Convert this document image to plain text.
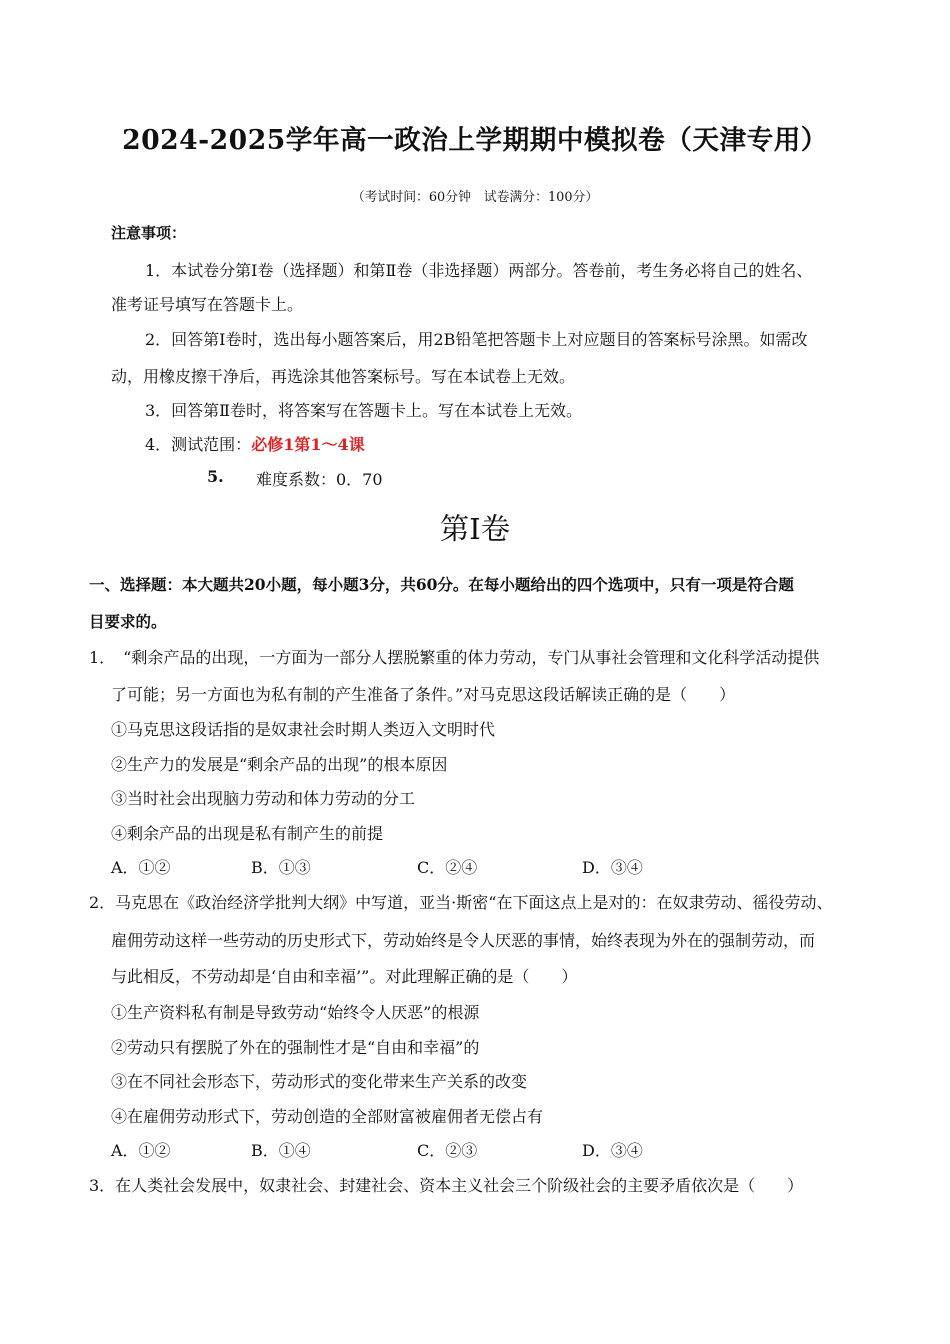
2024-2025学年高一政治上学期期中模拟卷（天津专用）
（考试时间：60分钟　试卷满分：100分）
注意事项：
1．本试卷分第Ⅰ卷（选择题）和第Ⅱ卷（非选择题）两部分。答卷前，考生务必将自己的姓名、
准考证号填写在答题卡上。
2．回答第Ⅰ卷时，选出每小题答案后，用2B铅笔把答题卡上对应题目的答案标号涂黑。如需改
动，用橡皮擦干净后，再选涂其他答案标号。写在本试卷上无效。
3．回答第Ⅱ卷时，将答案写在答题卡上。写在本试卷上无效。
4．测试范围：必修1第1～4课
5. 难度系数：0．70
第Ⅰ卷
一、选择题：本大题共20小题，每小题3分，共60分。在每小题给出的四个选项中，只有一项是符合题
目要求的。
1．　“剩余产品的出现，一方面为一部分人摆脱繁重的体力劳动，专门从事社会管理和文化科学活动提供
了可能；另一方面也为私有制的产生准备了条件。”对马克思这段话解读正确的是（　　）
①马克思这段话指的是奴隶社会时期人类迈入文明时代
②生产力的发展是“剩余产品的出现”的根本原因
③当时社会出现脑力劳动和体力劳动的分工
④剩余产品的出现是私有制产生的前提
A．①②	B．①③	C．②④	D．③④
2．马克思在《政治经济学批判大纲》中写道，亚当·斯密“在下面这点上是对的：在奴隶劳动、徭役劳动、
雇佣劳动这样一些劳动的历史形式下，劳动始终是令人厌恶的事情，始终表现为外在的强制劳动，而
与此相反，不劳动却是‘自由和幸福’”。对此理解正确的是（　　）
①生产资料私有制是导致劳动“始终令人厌恶”的根源
②劳动只有摆脱了外在的强制性才是“自由和幸福”的
③在不同社会形态下，劳动形式的变化带来生产关系的改变
④在雇佣劳动形式下，劳动创造的全部财富被雇佣者无偿占有
A．①②	B．①④	C．②③	D．③④
3．在人类社会发展中，奴隶社会、封建社会、资本主义社会三个阶级社会的主要矛盾依次是（　　）
